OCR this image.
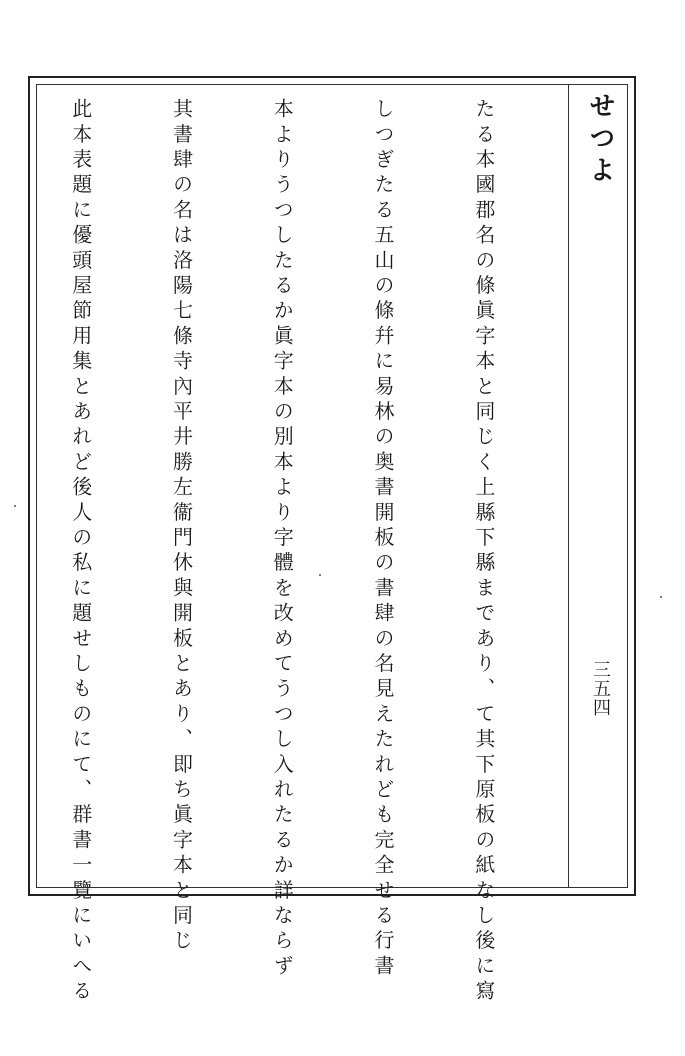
せつよ
三五四

たる本國郡名の條眞字本と同じく上縣下縣まであり、て其下原板の紙なし後に寫

しつぎたる五山の條幷に易林の奥書開板の書肆の名見えたれども完全せる行書

本よりうつしたるか眞字本の別本より字體を改めてうつし入れたるか詳ならず

其書肆の名は洛陽七條寺內平井勝左衞門休與開板とあり、即ち眞字本と同じ

此本表題に優頭屋節用集とあれど後人の私に題せしものにて、群書一覽にいへる
